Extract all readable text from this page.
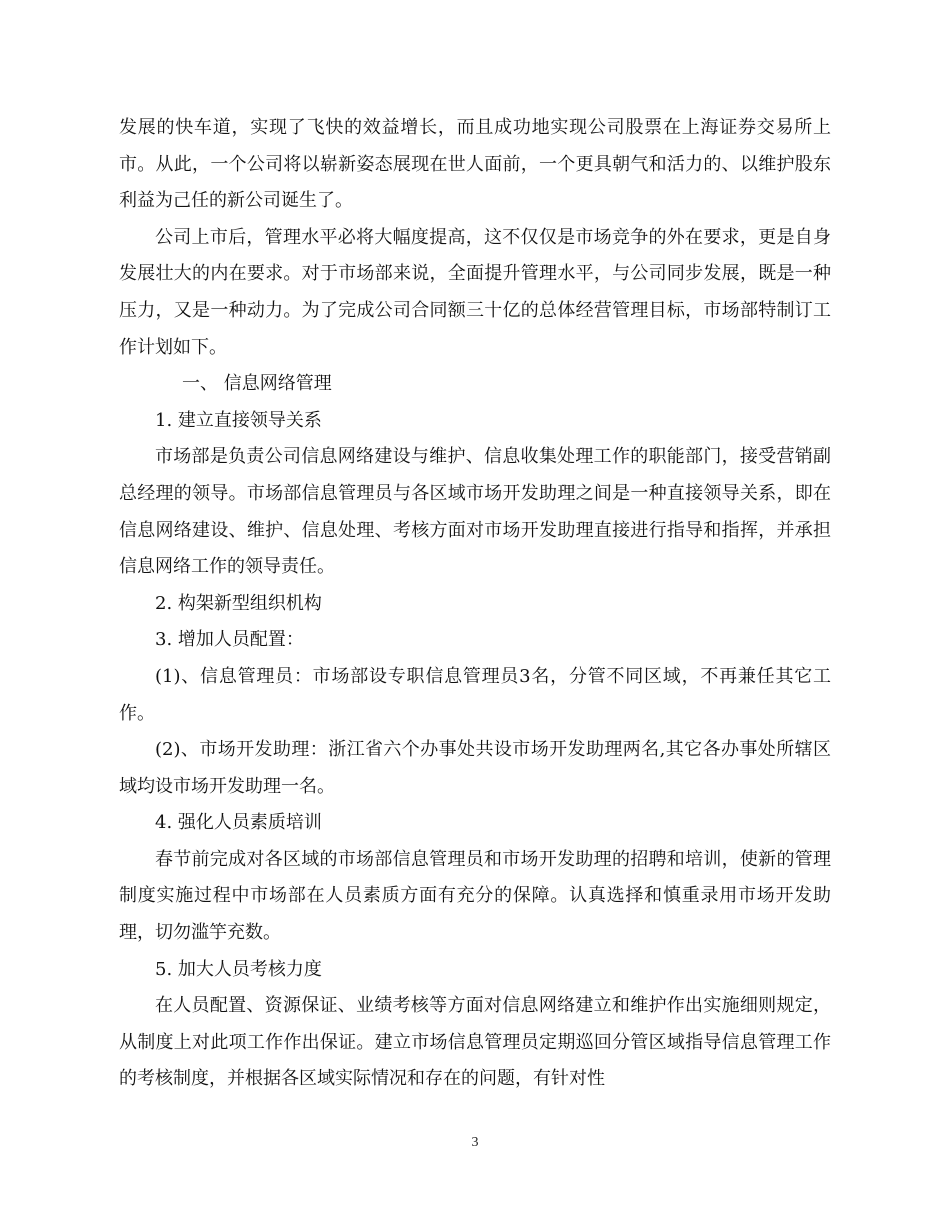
发展的快车道，实现了飞快的效益增长，而且成功地实现公司股票在上海证券交易所上市。从此，一个公司将以崭新姿态展现在世人面前，一个更具朝气和活力的、以维护股东利益为己任的新公司诞生了。

公司上市后，管理水平必将大幅度提高，这不仅仅是市场竞争的外在要求，更是自身发展壮大的内在要求。对于市场部来说，全面提升管理水平，与公司同步发展，既是一种压力，又是一种动力。为了完成公司合同额三十亿的总体经营管理目标，市场部特制订工作计划如下。

一、 信息网络管理

1. 建立直接领导关系

市场部是负责公司信息网络建设与维护、信息收集处理工作的职能部门，接受营销副总经理的领导。市场部信息管理员与各区域市场开发助理之间是一种直接领导关系，即在信息网络建设、维护、信息处理、考核方面对市场开发助理直接进行指导和指挥，并承担信息网络工作的领导责任。

2. 构架新型组织机构

3. 增加人员配置：

(1)、信息管理员：市场部设专职信息管理员3名，分管不同区域，不再兼任其它工作。

(2)、市场开发助理：浙江省六个办事处共设市场开发助理两名,其它各办事处所辖区域均设市场开发助理一名。

4. 强化人员素质培训

春节前完成对各区域的市场部信息管理员和市场开发助理的招聘和培训，使新的管理制度实施过程中市场部在人员素质方面有充分的保障。认真选择和慎重录用市场开发助理，切勿滥竽充数。

5. 加大人员考核力度

在人员配置、资源保证、业绩考核等方面对信息网络建立和维护作出实施细则规定，从制度上对此项工作作出保证。建立市场信息管理员定期巡回分管区域指导信息管理工作的考核制度，并根据各区域实际情况和存在的问题，有针对性

3
